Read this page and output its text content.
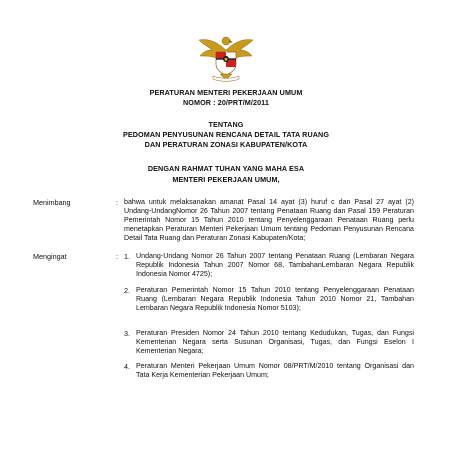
PERATURAN MENTERI PEKERJAAN UMUM
NOMOR : 20/PRT/M/2011
TENTANG
PEDOMAN PENYUSUNAN RENCANA DETAIL TATA RUANG
DAN PERATURAN ZONASI KABUPATEN/KOTA
DENGAN RAHMAT TUHAN YANG MAHA ESA
MENTERI PEKERJAAN UMUM,
Menimbang	: bahwa untuk melaksanakan amanat Pasal 14 ayat (3) huruf c dan Pasal 27 ayat (2) Undang-UndangNomor 26 Tahun 2007 tentang Penataan Ruang dan Pasal 159 Peraturan Pemerintah Nomor 15 Tahun 2010 tentang Penyelenggaraan Penataan Ruang perlu menetapkan Peraturan Menteri Pekerjaan Umum tentang Pedoman Penyusunan Rencana Detail Tata Ruang dan Peraturan Zonasi Kabupaten/Kota;
Mengingat	: 1. Undang-Undang Nomor 26 Tahun 2007 tentang Penataan Ruang (Lembaran Negara Republik Indonesia Tahun 2007 Nomor 68, TambahanLembaran Negara Republik Indonesia Nomor 4725);
2. Peraturan Pemerintah Nomor 15 Tahun 2010 tentang Penyelenggaraan Penataan Ruang (Lembaran Negara Republik Indonesia Tahun 2010 Nomor 21, Tambahan Lembaran Negara Republik Indonesia Nomor 5103);
3. Peraturan Presiden Nomor 24 Tahun 2010 tentang Kedudukan, Tugas, dan Fungsi Kementerian Negara serta Susunan Organisasi, Tugas, dan Fungsi Eselon I Kementerian Negara;
4. Peraturan Menteri Pekerjaan Umum Nomor 08/PRT/M/2010 tentang Organisasi dan Tata Kerja Kementerian Pekerjaan Umum;
